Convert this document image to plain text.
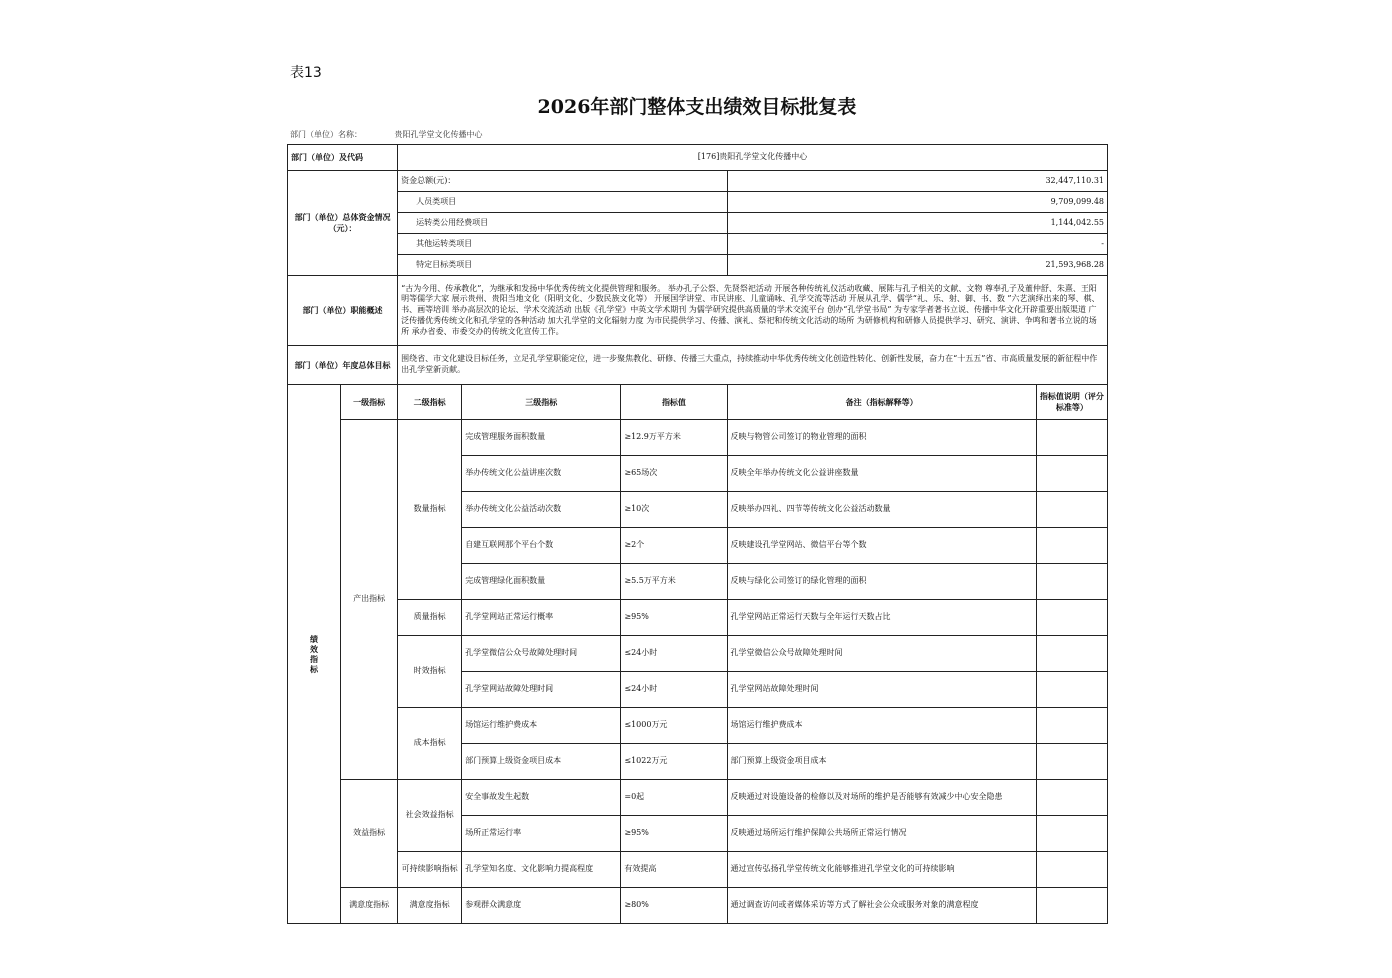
表13
2026年部门整体支出绩效目标批复表
部门（单位）名称：	贵阳孔学堂文化传播中心
部门（单位）及代码		[176]贵阳孔学堂文化传播中心				
部门（单位）总体资金情况（元）：		资金总额(元)：			32,447,110.31	
		人员类项目			9,709,099.48	
		运转类公用经费项目			1,144,042.55	
		其他运转类项目			-	
		特定目标类项目			21,593,968.28	
部门（单位）职能概述		“古为今用、传承教化”，为继承和发扬中华优秀传统文化提供管理和服务。 举办孔子公祭、先贤祭祀活动 开展各种传统礼仪活动收藏、展陈与孔子相关的文献、文物 尊奉孔子及董仲舒、朱熹、王阳明等儒学大家 展示贵州、贵阳当地文化（阳明文化、少数民族文化等） 开展国学讲堂、市民讲座、儿童诵咏、孔学交流等活动 开展从孔学、儒学“礼、乐、射、御、书、数 ”六艺演绎出来的琴、棋、书、画等培训 举办高层次的论坛、学术交流活动 出版《孔学堂》中英文学术期刊 为儒学研究提供高质量的学术交流平台 创办“孔学堂书局” 为专家学者著书立说、传播中华文化开辟重要出版渠道 广泛传播优秀传统文化和孔学堂的各种活动 加大孔学堂的文化辐射力度 为市民提供学习、传播、演礼、祭祀和传统文化活动的场所 为研修机构和研修人员提供学习、研究、演讲、争鸣和著书立说的场所 承办省委、市委交办的传统文化宣传工作。				
部门（单位）年度总体目标		围绕省、市文化建设目标任务，立足孔学堂职能定位，进一步聚焦教化、研修、传播三大重点，持续推动中华优秀传统文化创造性转化、创新性发展，奋力在“十五五”省、市高质量发展的新征程中作出孔学堂新贡献。				
绩效指标	一级指标	二级指标	三级指标	指标值	备注（指标解释等）	指标值说明（评分标准等）
	产出指标	数量指标	完成管理服务面积数量	≥12.9万平方米	反映与物管公司签订的物业管理的面积	
			举办传统文化公益讲座次数	≥65场次	反映全年举办传统文化公益讲座数量	
			举办传统文化公益活动次数	≥10次	反映举办四礼、四节等传统文化公益活动数量	
			自建互联网那个平台个数	≥2个	反映建设孔学堂网站、微信平台等个数	
			完成管理绿化面积数量	≥5.5万平方米	反映与绿化公司签订的绿化管理的面积	
		质量指标	孔学堂网站正常运行概率	≥95%	孔学堂网站正常运行天数与全年运行天数占比	
		时效指标	孔学堂微信公众号故障处理时间	≤24小时	孔学堂微信公众号故障处理时间	
			孔学堂网站故障处理时间	≤24小时	孔学堂网站故障处理时间	
		成本指标	场馆运行维护费成本	≤1000万元	场馆运行维护费成本	
			部门预算上级资金项目成本	≤1022万元	部门预算上级资金项目成本	
	效益指标	社会效益指标	安全事故发生起数	=0起	反映通过对设施设备的检修以及对场所的维护是否能够有效减少中心安全隐患	
			场所正常运行率	≥95%	反映通过场所运行维护保障公共场所正常运行情况	
		可持续影响指标	孔学堂知名度、文化影响力提高程度	有效提高	通过宣传弘扬孔学堂传统文化能够推进孔学堂文化的可持续影响	
	满意度指标	满意度指标	参观群众满意度	≥80%	通过调查访问或者媒体采访等方式了解社会公众或服务对象的满意程度	
